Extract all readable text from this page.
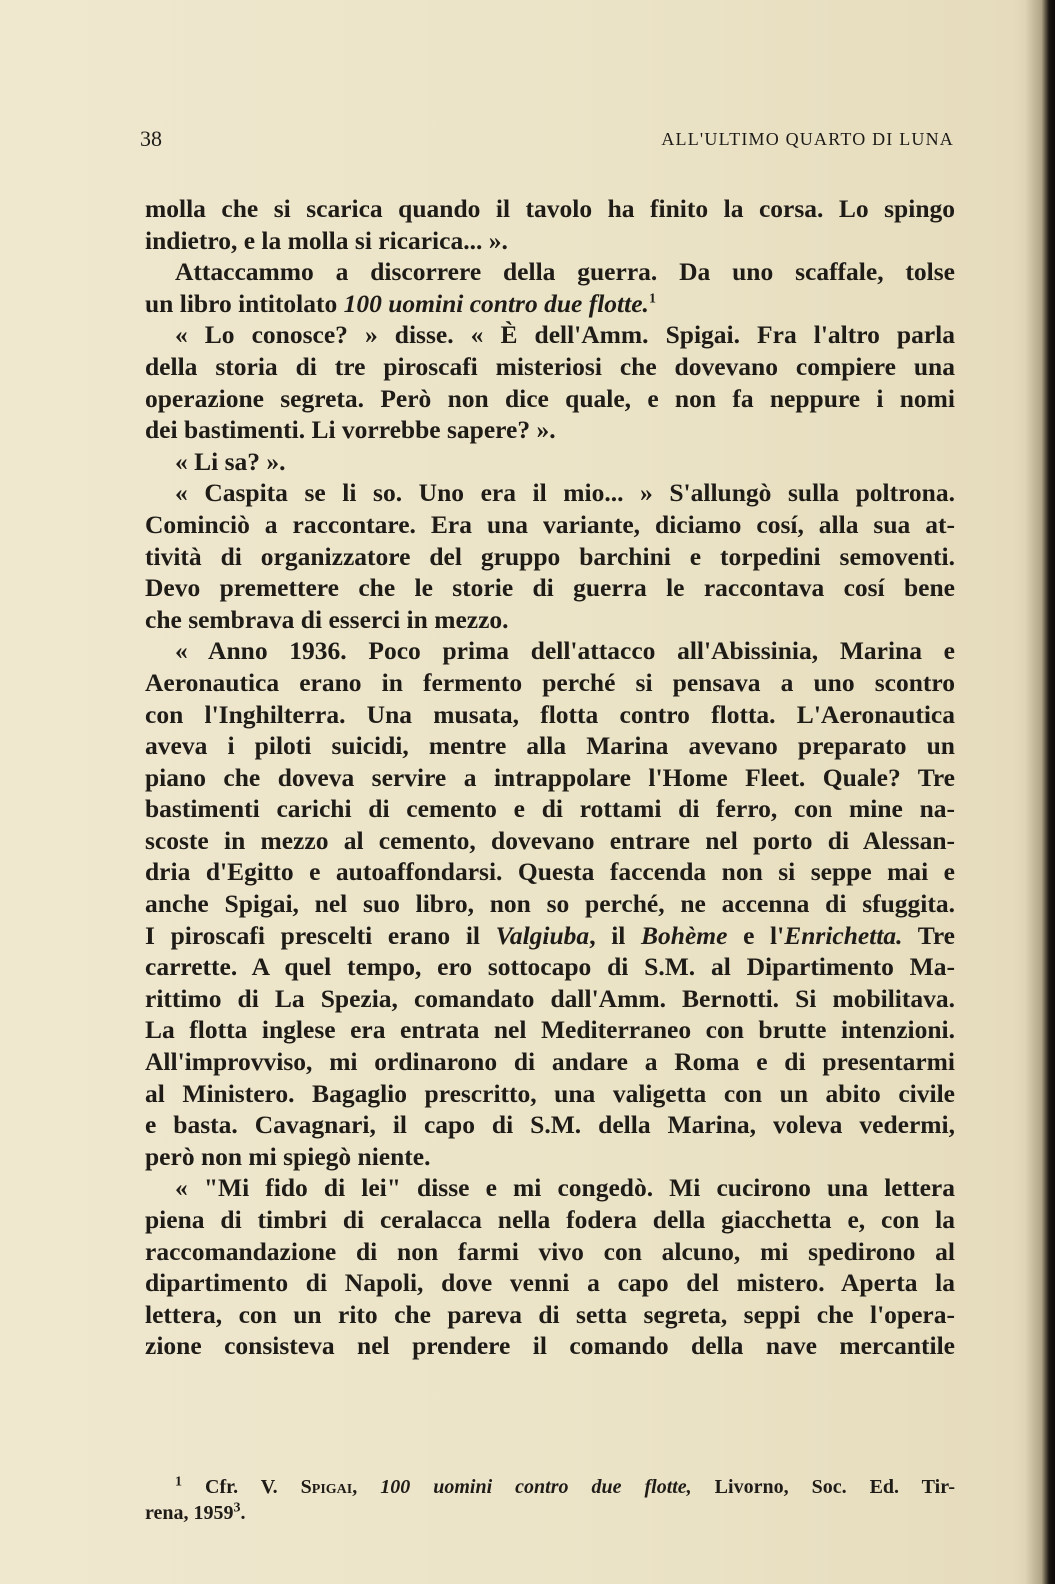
38	ALL'ULTIMO QUARTO DI LUNA
molla che si scarica quando il tavolo ha finito la corsa. Lo spingo
indietro, e la molla si ricarica... ».
Attaccammo a discorrere della guerra. Da uno scaffale, tolse
un libro intitolato 100 uomini contro due flotte.$^1$
« Lo conosce? » disse. « È dell'Amm. Spigai. Fra l'altro parla
della storia di tre piroscafi misteriosi che dovevano compiere una
operazione segreta. Però non dice quale, e non fa neppure i nomi
dei bastimenti. Li vorrebbe sapere? ».
« Li sa? ».
« Caspita se li so. Uno era il mio... » S'allungò sulla poltrona.
Cominciò a raccontare. Era una variante, diciamo cosí, alla sua at-
tività di organizzatore del gruppo barchini e torpedini semoventi.
Devo premettere che le storie di guerra le raccontava cosí bene
che sembrava di esserci in mezzo.
« Anno 1936. Poco prima dell'attacco all'Abissinia, Marina e
Aeronautica erano in fermento perché si pensava a uno scontro
con l'Inghilterra. Una musata, flotta contro flotta. L'Aeronautica
aveva i piloti suicidi, mentre alla Marina avevano preparato un
piano che doveva servire a intrappolare l'Home Fleet. Quale? Tre
bastimenti carichi di cemento e di rottami di ferro, con mine na-
scoste in mezzo al cemento, dovevano entrare nel porto di Alessan-
dria d'Egitto e autoaffondarsi. Questa faccenda non si seppe mai e
anche Spigai, nel suo libro, non so perché, ne accenna di sfuggita.
I piroscafi prescelti erano il Valgiuba, il Bohème e l'Enrichetta. Tre
carrette. A quel tempo, ero sottocapo di S.M. al Dipartimento Ma-
rittimo di La Spezia, comandato dall'Amm. Bernotti. Si mobilitava.
La flotta inglese era entrata nel Mediterraneo con brutte intenzioni.
All'improvviso, mi ordinarono di andare a Roma e di presentarmi
al Ministero. Bagaglio prescritto, una valigetta con un abito civile
e basta. Cavagnari, il capo di S.M. della Marina, voleva vedermi,
però non mi spiegò niente.
« "Mi fido di lei" disse e mi congedò. Mi cucirono una lettera
piena di timbri di ceralacca nella fodera della giacchetta e, con la
raccomandazione di non farmi vivo con alcuno, mi spedirono al
dipartimento di Napoli, dove venni a capo del mistero. Aperta la
lettera, con un rito che pareva di setta segreta, seppi che l'opera-
zione consisteva nel prendere il comando della nave mercantile
$^1$ Cfr. V. Spigai, 100 uomini contro due flotte, Livorno, Soc. Ed. Tir-
rena, 1959$^3$.
